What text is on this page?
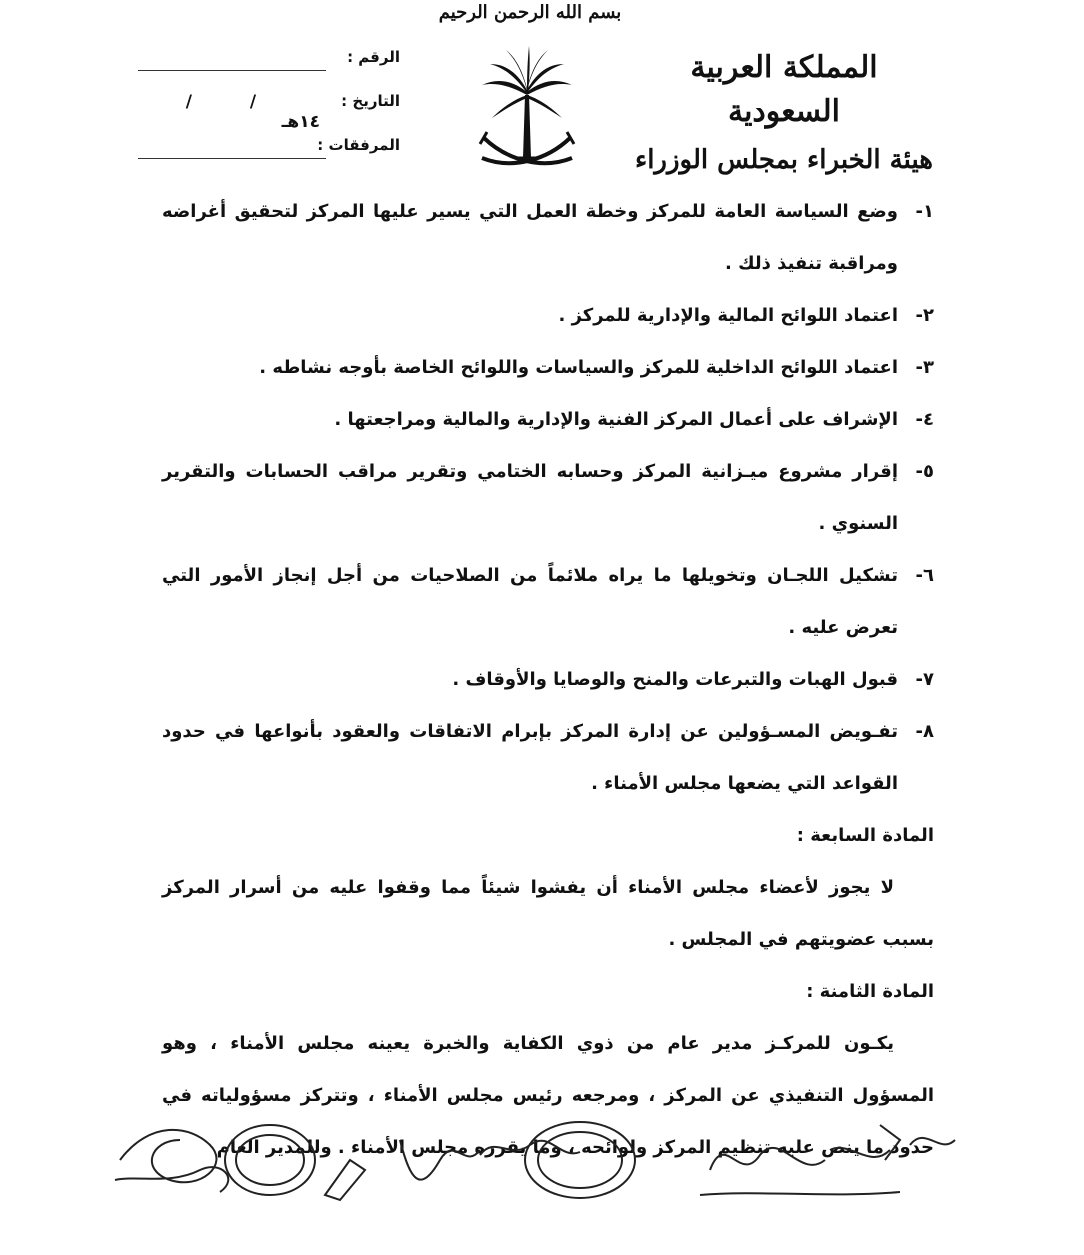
بسم الله الرحمن الرحيم
المملكة العربية السعودية
هيئة الخبراء بمجلس الوزراء
الرقم :
التاريخ :
/  /  ١٤هـ
المرفقات :
١-
وضع السياسة العامة للمركز وخطة العمل التي يسير عليها المركز لتحقيق أغراضه ومراقبة تنفيذ ذلك .
٢-
اعتماد اللوائح المالية والإدارية للمركز .
٣-
اعتماد اللوائح الداخلية للمركز والسياسات واللوائح الخاصة بأوجه نشاطه .
٤-
الإشراف على أعمال المركز الفنية والإدارية والمالية ومراجعتها .
٥-
إقرار مشروع ميـزانية المركز وحسابه الختامي وتقرير مراقب الحسابات والتقرير السنوي .
٦-
تشكيل اللجـان وتخويلها ما يراه ملائماً من الصلاحيات من أجل إنجاز الأمور التي تعرض عليه .
٧-
قبول الهبات والتبرعات والمنح والوصايا والأوقاف .
٨-
تفـويض المسـؤولين عن إدارة المركز بإبرام الاتفاقات والعقود بأنواعها في حدود القواعد التي يضعها مجلس الأمناء .
المادة السابعة :
لا يجوز لأعضاء مجلس الأمناء أن يفشوا شيئاً مما وقفوا عليه من أسرار المركز بسبب عضويتهم في المجلس .
المادة الثامنة :
يكـون للمركـز مدير عام من ذوي الكفاية والخبرة يعينه مجلس الأمناء ، وهو المسؤول التنفيذي عن المركز ، ومرجعه رئيس مجلس الأمناء ، وتتركز مسؤولياته في حدود ما ينص عليه تنظيم المركز ولوائحه ، وما يقرره مجلس الأمناء . وللمدير العام
